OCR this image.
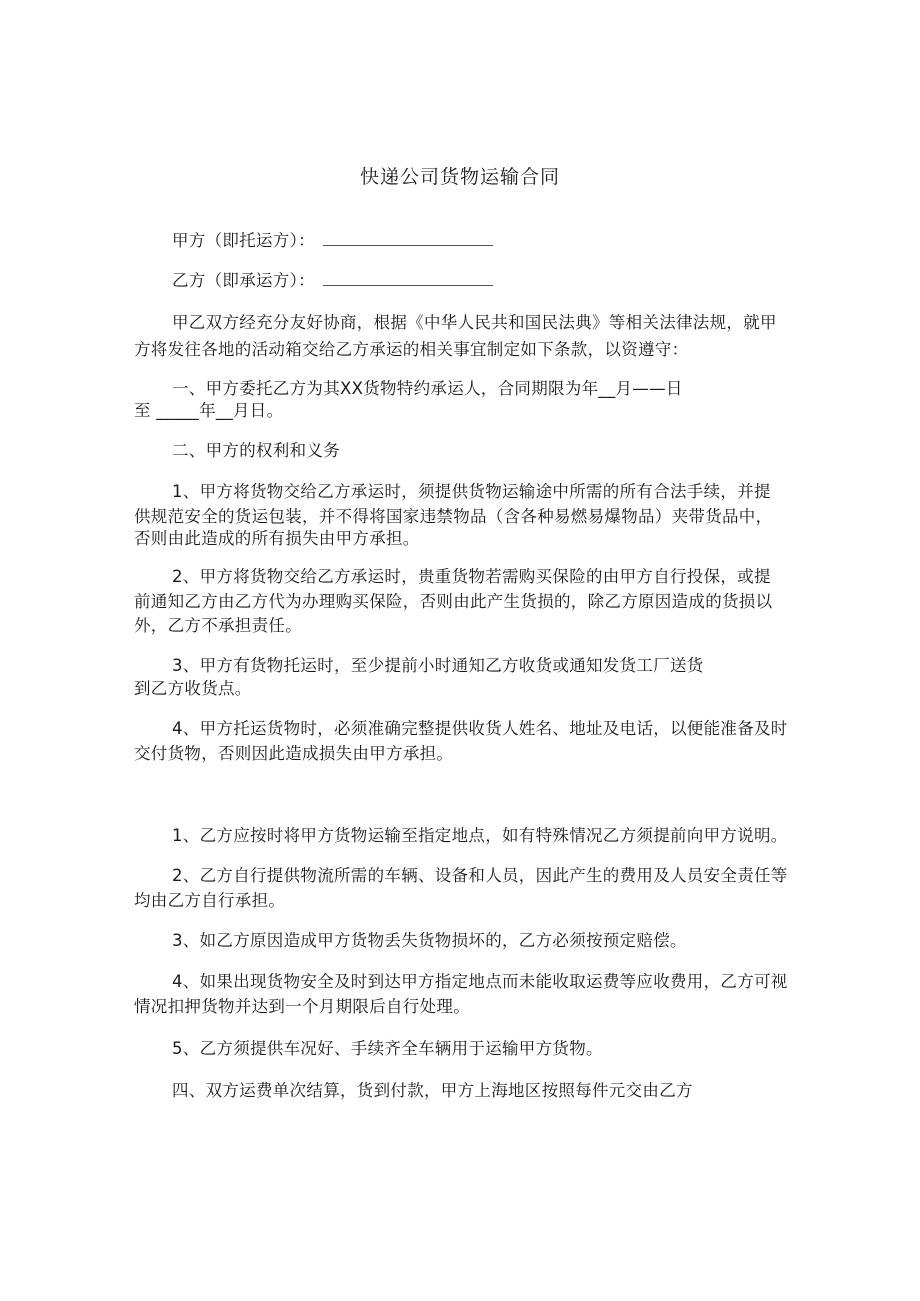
快递公司货物运输合同

甲方（即托运方）：

乙方（即承运方）：

甲乙双方经充分友好协商，根据《中华人民共和国民法典》等相关法律法规，就甲

方将发往各地的活动箱交给乙方承运的相关事宜制定如下条款，以资遵守：

一、甲方委托乙方为其XX货物特约承运人，合同期限为年__月——日

至 _____年__月日。

二、甲方的权利和义务

1、甲方将货物交给乙方承运时，须提供货物运输途中所需的所有合法手续，并提

供规范安全的货运包装，并不得将国家违禁物品（含各种易燃易爆物品）夹带货品中，

否则由此造成的所有损失由甲方承担。

2、甲方将货物交给乙方承运时，贵重货物若需购买保险的由甲方自行投保，或提

前通知乙方由乙方代为办理购买保险，否则由此产生货损的，除乙方原因造成的货损以

外，乙方不承担责任。

3、甲方有货物托运时，至少提前小时通知乙方收货或通知发货工厂送货

到乙方收货点。

4、甲方托运货物时，必须准确完整提供收货人姓名、地址及电话，以便能准备及时

交付货物，否则因此造成损失由甲方承担。

1、乙方应按时将甲方货物运输至指定地点，如有特殊情况乙方须提前向甲方说明。

2、乙方自行提供物流所需的车辆、设备和人员，因此产生的费用及人员安全责任等

均由乙方自行承担。

3、如乙方原因造成甲方货物丢失货物损坏的，乙方必须按预定赔偿。

4、如果出现货物安全及时到达甲方指定地点而未能收取运费等应收费用，乙方可视

情况扣押货物并达到一个月期限后自行处理。

5、乙方须提供车况好、手续齐全车辆用于运输甲方货物。

四、双方运费单次结算，货到付款，甲方上海地区按照每件元交由乙方
